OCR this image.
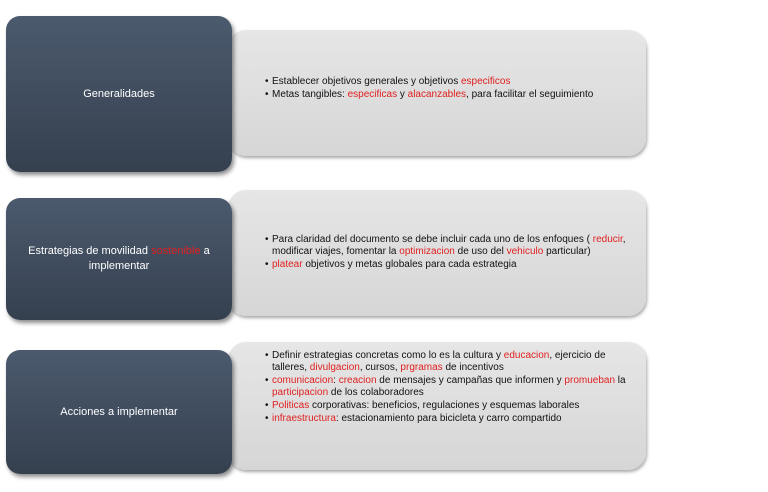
Generalidades
• Establecer objetivos generales y objetivos especificos
• Metas tangibles: especificas y alacanzables, para facilitar el seguimiento
Estrategias de movilidad sostenible a implementar
• Para claridad del documento se debe incluir cada uno de los enfoques ( reducir, modificar viajes, fomentar la optimizacion de uso del vehiculo particular)
• platear objetivos y metas globales para cada estrategia
Acciones a implementar
• Definir estrategias concretas como lo es la cultura y educacion, ejercicio de talleres, divulgacion, cursos, prgramas de incentivos
• comunicacion: creacion de mensajes y campañas que informen y promueban la participacion de los colaboradores
• Politicas corporativas: beneficios, regulaciones y esquemas laborales
• infraestructura: estacionamiento para bicicleta y carro compartido
